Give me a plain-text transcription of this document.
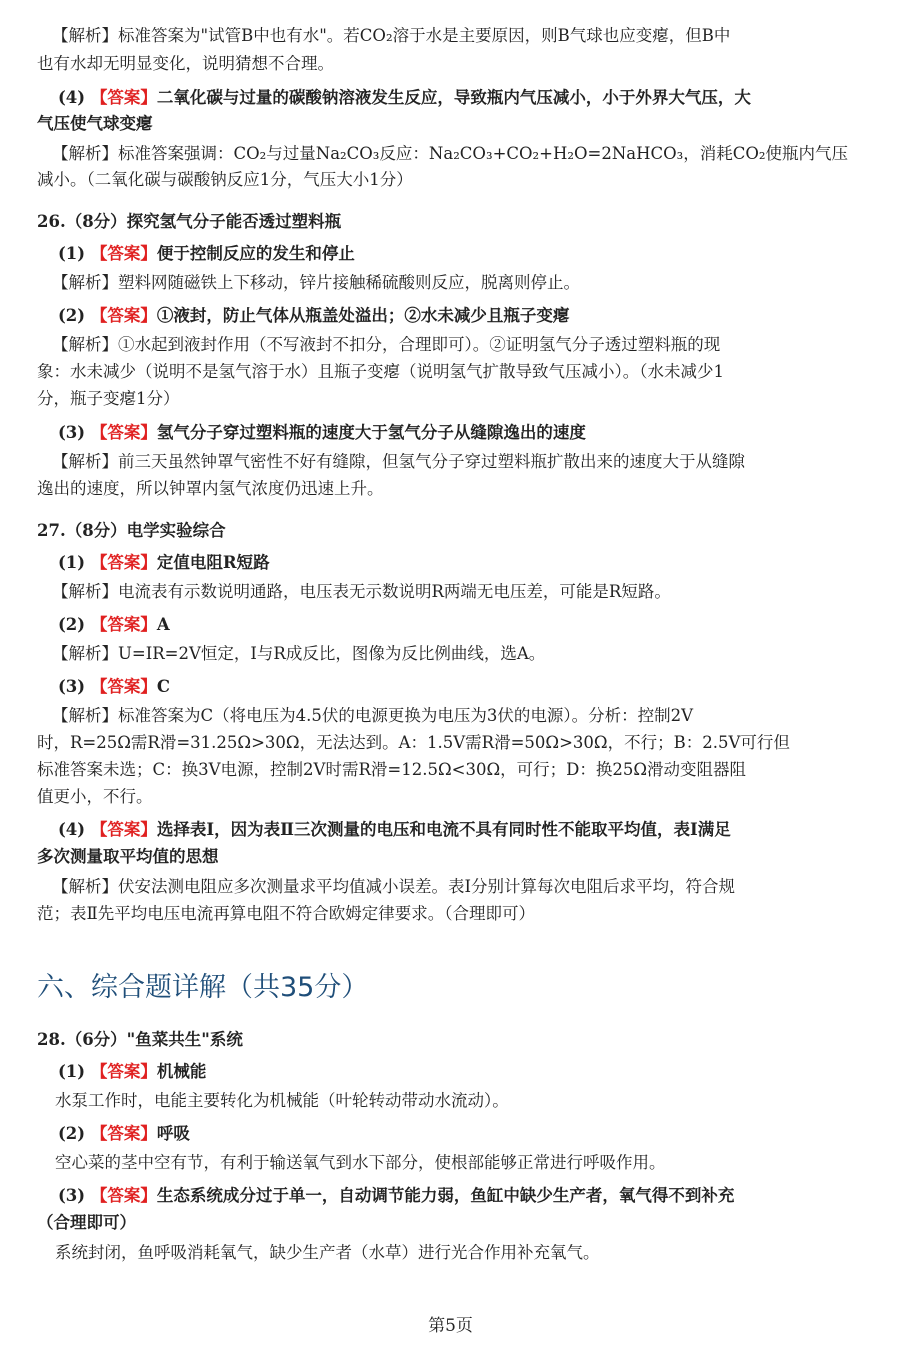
【解析】标准答案为"试管B中也有水"。若CO₂溶于水是主要原因，则B气球也应变瘪，但B中
也有水却无明显变化，说明猜想不合理。
(4) 【答案】二氧化碳与过量的碳酸钠溶液发生反应，导致瓶内气压减小，小于外界大气压，大
气压使气球变瘪
【解析】标准答案强调：CO₂与过量Na₂CO₃反应：Na₂CO₃+CO₂+H₂O=2NaHCO₃，消耗CO₂使瓶内气压
减小。（二氧化碳与碳酸钠反应1分，气压大小1分）
26.（8分）探究氢气分子能否透过塑料瓶
(1) 【答案】便于控制反应的发生和停止
【解析】塑料网随磁铁上下移动，锌片接触稀硫酸则反应，脱离则停止。
(2) 【答案】①液封，防止气体从瓶盖处溢出；②水未减少且瓶子变瘪
【解析】①水起到液封作用（不写液封不扣分，合理即可）。②证明氢气分子透过塑料瓶的现
象：水未减少（说明不是氢气溶于水）且瓶子变瘪（说明氢气扩散导致气压减小）。（水未减少1
分，瓶子变瘪1分）
(3) 【答案】氢气分子穿过塑料瓶的速度大于氢气分子从缝隙逸出的速度
【解析】前三天虽然钟罩气密性不好有缝隙，但氢气分子穿过塑料瓶扩散出来的速度大于从缝隙
逸出的速度，所以钟罩内氢气浓度仍迅速上升。
27.（8分）电学实验综合
(1) 【答案】定值电阻R短路
【解析】电流表有示数说明通路，电压表无示数说明R两端无电压差，可能是R短路。
(2) 【答案】A
【解析】U=IR=2V恒定，I与R成反比，图像为反比例曲线，选A。
(3) 【答案】C
【解析】标准答案为C（将电压为4.5伏的电源更换为电压为3伏的电源）。分析：控制2V
时，R=25Ω需R滑=31.25Ω>30Ω，无法达到。A：1.5V需R滑=50Ω>30Ω，不行；B：2.5V可行但
标准答案未选；C：换3V电源，控制2V时需R滑=12.5Ω<30Ω，可行；D：换25Ω滑动变阻器阻
值更小，不行。
(4) 【答案】选择表Ⅰ，因为表Ⅱ三次测量的电压和电流不具有同时性不能取平均值，表Ⅰ满足
多次测量取平均值的思想
【解析】伏安法测电阻应多次测量求平均值减小误差。表Ⅰ分别计算每次电阻后求平均，符合规
范；表Ⅱ先平均电压电流再算电阻不符合欧姆定律要求。（合理即可）
六、综合题详解（共35分）
28.（6分）"鱼菜共生"系统
(1) 【答案】机械能
水泵工作时，电能主要转化为机械能（叶轮转动带动水流动）。
(2) 【答案】呼吸
空心菜的茎中空有节，有利于输送氧气到水下部分，使根部能够正常进行呼吸作用。
(3) 【答案】生态系统成分过于单一，自动调节能力弱，鱼缸中缺少生产者，氧气得不到补充
（合理即可）
系统封闭，鱼呼吸消耗氧气，缺少生产者（水草）进行光合作用补充氧气。
第5页
